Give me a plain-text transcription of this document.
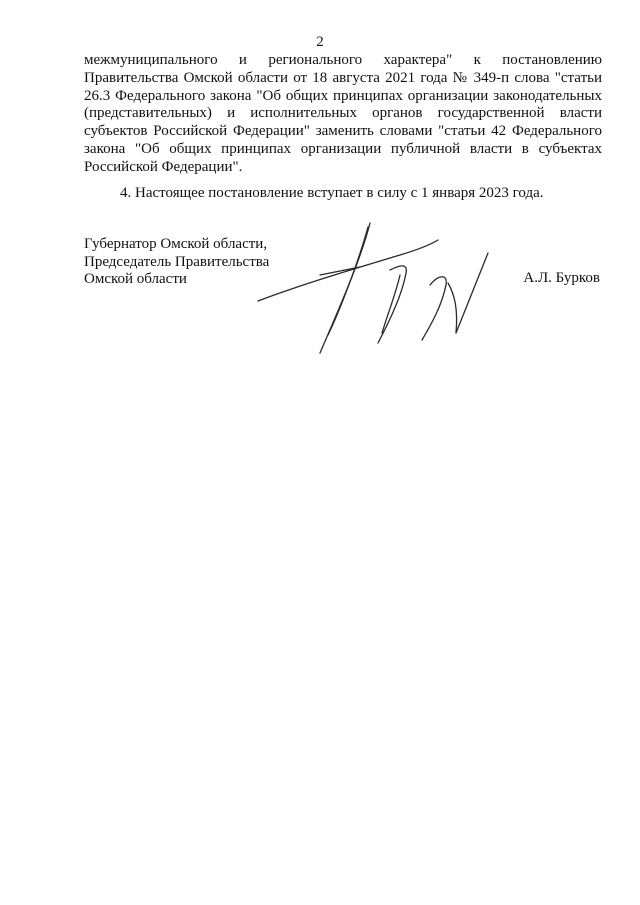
2
межмуниципального и регионального характера" к постановлению
Правительства Омской области от 18 августа 2021 года № 349-п слова "статьи
26.3 Федерального закона "Об общих принципах организации законодательных
(представительных) и исполнительных органов государственной власти
субъектов Российской Федерации" заменить словами "статьи 42 Федерального
закона "Об общих принципах организации публичной власти в субъектах
Российской Федерации".
4. Настоящее постановление вступает в силу с 1 января 2023 года.
Губернатор Омской области,
Председатель Правительства
Омской области	А.Л. Бурков
